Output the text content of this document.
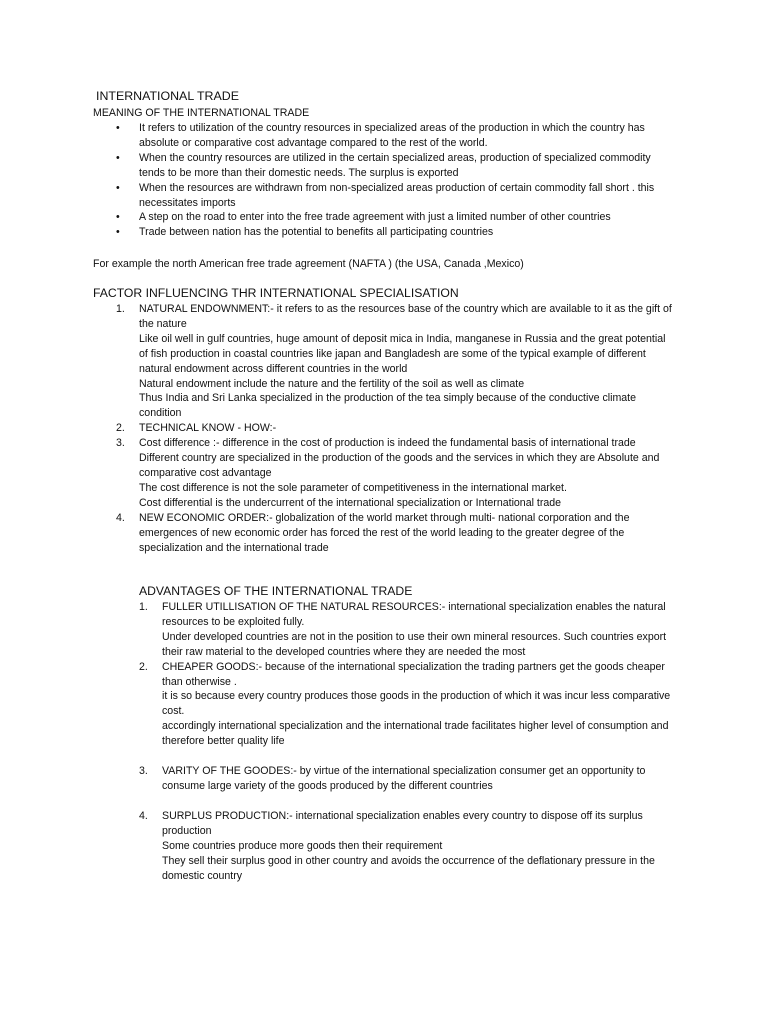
INTERNATIONAL TRADE
MEANING OF THE INTERNATIONAL TRADE
• It refers to utilization of the country resources in specialized areas of the production in which the country has absolute or comparative cost advantage compared to the rest of the world.
• When the country resources are utilized in the certain specialized areas, production of specialized commodity tends to be more than their domestic needs. The surplus is exported
• When the resources are withdrawn from non-specialized areas production of certain commodity fall short . this necessitates imports
• A step on the road to enter into the free trade agreement with just a limited number of other countries
• Trade between nation has the potential to benefits all participating countries
For example the north American free trade agreement (NAFTA ) (the USA, Canada ,Mexico)
FACTOR INFLUENCING THR INTERNATIONAL SPECIALISATION
1. NATURAL ENDOWNMENT:- it refers to as the resources base of the country which are available to it as the gift of the nature
Like oil well in gulf countries, huge amount of deposit mica in India, manganese in Russia and the great potential of fish production in coastal countries like japan and Bangladesh are some of the typical example of different natural endowment across different countries in the world
Natural endowment include the nature and the fertility of the soil as well as climate
Thus India and Sri Lanka specialized in the production of the tea simply because of the conductive climate condition
2. TECHNICAL KNOW - HOW:-
3. Cost difference :- difference in the cost of production is indeed the fundamental basis of international trade
Different country are specialized in the production of the goods and the services in which they are Absolute and comparative cost advantage
The cost difference is not the sole parameter of competitiveness in the international market.
Cost differential is the undercurrent of the international specialization or International trade
4. NEW ECONOMIC ORDER:- globalization of the world market through multi- national corporation and the emergences of new economic order has forced the rest of the world leading to the greater degree of the specialization and the international trade
ADVANTAGES OF THE INTERNATIONAL TRADE
1. FULLER UTILLISATION OF THE NATURAL RESOURCES:- international specialization enables the natural resources to be exploited fully.
Under developed countries are not in the position to use their own mineral resources. Such countries export their raw material to the developed countries where they are needed the most
2. CHEAPER GOODS:- because of the international specialization the trading partners get the goods cheaper than otherwise .
it is so because every country produces those goods in the production of which it was incur less comparative cost.
accordingly international specialization and the international trade facilitates higher level of consumption and therefore better quality life
3. VARITY OF THE GOODES:- by virtue of the international specialization consumer get an opportunity to consume large variety of the goods produced by the different countries
4. SURPLUS PRODUCTION:- international specialization enables every country to dispose off its surplus production
Some countries produce more goods then their requirement
They sell their surplus good in other country and avoids the occurrence of the deflationary pressure in the domestic country
